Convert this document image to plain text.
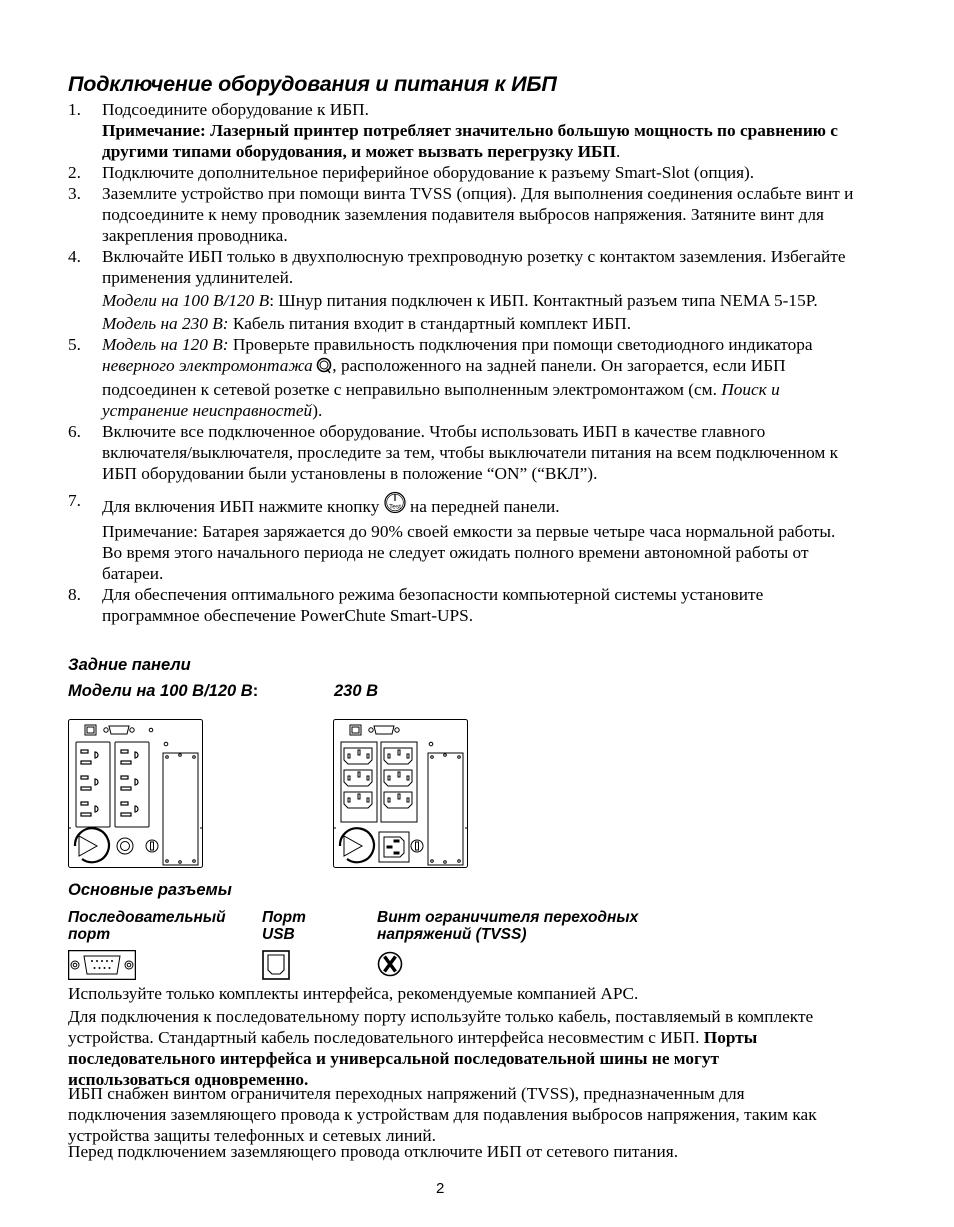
Подключение оборудования и питания к ИБП
1. Подсоедините оборудование к ИБП.

Примечание: Лазерный принтер потребляет значительно большую мощность по сравнению с другими типами оборудования, и может вызвать перегрузку ИБП.

2. Подключите дополнительное периферийное оборудование к разъему Smart-Slot (опция).

3. Заземлите устройство при помощи винта TVSS (опция). Для выполнения соединения ослабьте винт и подсоедините к нему проводник заземления подавителя выбросов напряжения. Затяните винт для закрепления проводника.

4. Включайте ИБП только в двухполюсную трехпроводную розетку с контактом заземления. Избегайте применения удлинителей.

Модели на 100 В/120 В: Шнур питания подключен к ИБП. Контактный разъем типа NEMA 5-15P.

Модель на 230 В: Кабель питания входит в стандартный комплект ИБП.

5. Модель на 120 В: Проверьте правильность подключения при помощи светодиодного индикатора неверного электромонтажа  , расположенного на задней панели. Он загорается, если ИБП подсоединен к сетевой розетке с неправильно выполненным электромонтажом (см. Поиск и устранение неисправностей).

6. Включите все подключенное оборудование. Чтобы использовать ИБП в качестве главного включателя/выключателя, проследите за тем, чтобы выключатели питания на всем подключенном к ИБП оборудовании были установлены в положение “ON” (“ВКЛ”).

7. Для включения ИБП нажмите кнопку Test на передней панели.

Примечание: Батарея заряжается до 90% своей емкости за первые четыре часа нормальной работы. Во время этого начального периода не следует ожидать полного времени автономной работы от батареи.

8. Для обеспечения оптимального режима безопасности компьютерной системы установите программное обеспечение PowerChute Smart-UPS.

Задние панели
Модели на 100 В/120 В:	230 В
Основные разъемы
Последовательный
порт
Порт
USB
Винт ограничителя переходных
напряжений (TVSS)
Используйте только комплекты интерфейса, рекомендуемые компанией APC.
Для подключения к последовательному порту используйте только кабель, поставляемый в комплекте устройства. Стандартный кабель последовательного интерфейса несовместим с ИБП. Порты последовательного интерфейса и универсальной последовательной шины не могут использоваться одновременно.
ИБП снабжен винтом ограничителя переходных напряжений (TVSS), предназначенным для подключения заземляющего провода к устройствам для подавления выбросов напряжения, таким как устройства защиты телефонных и сетевых линий.
Перед подключением заземляющего провода отключите ИБП от сетевого питания.
2
